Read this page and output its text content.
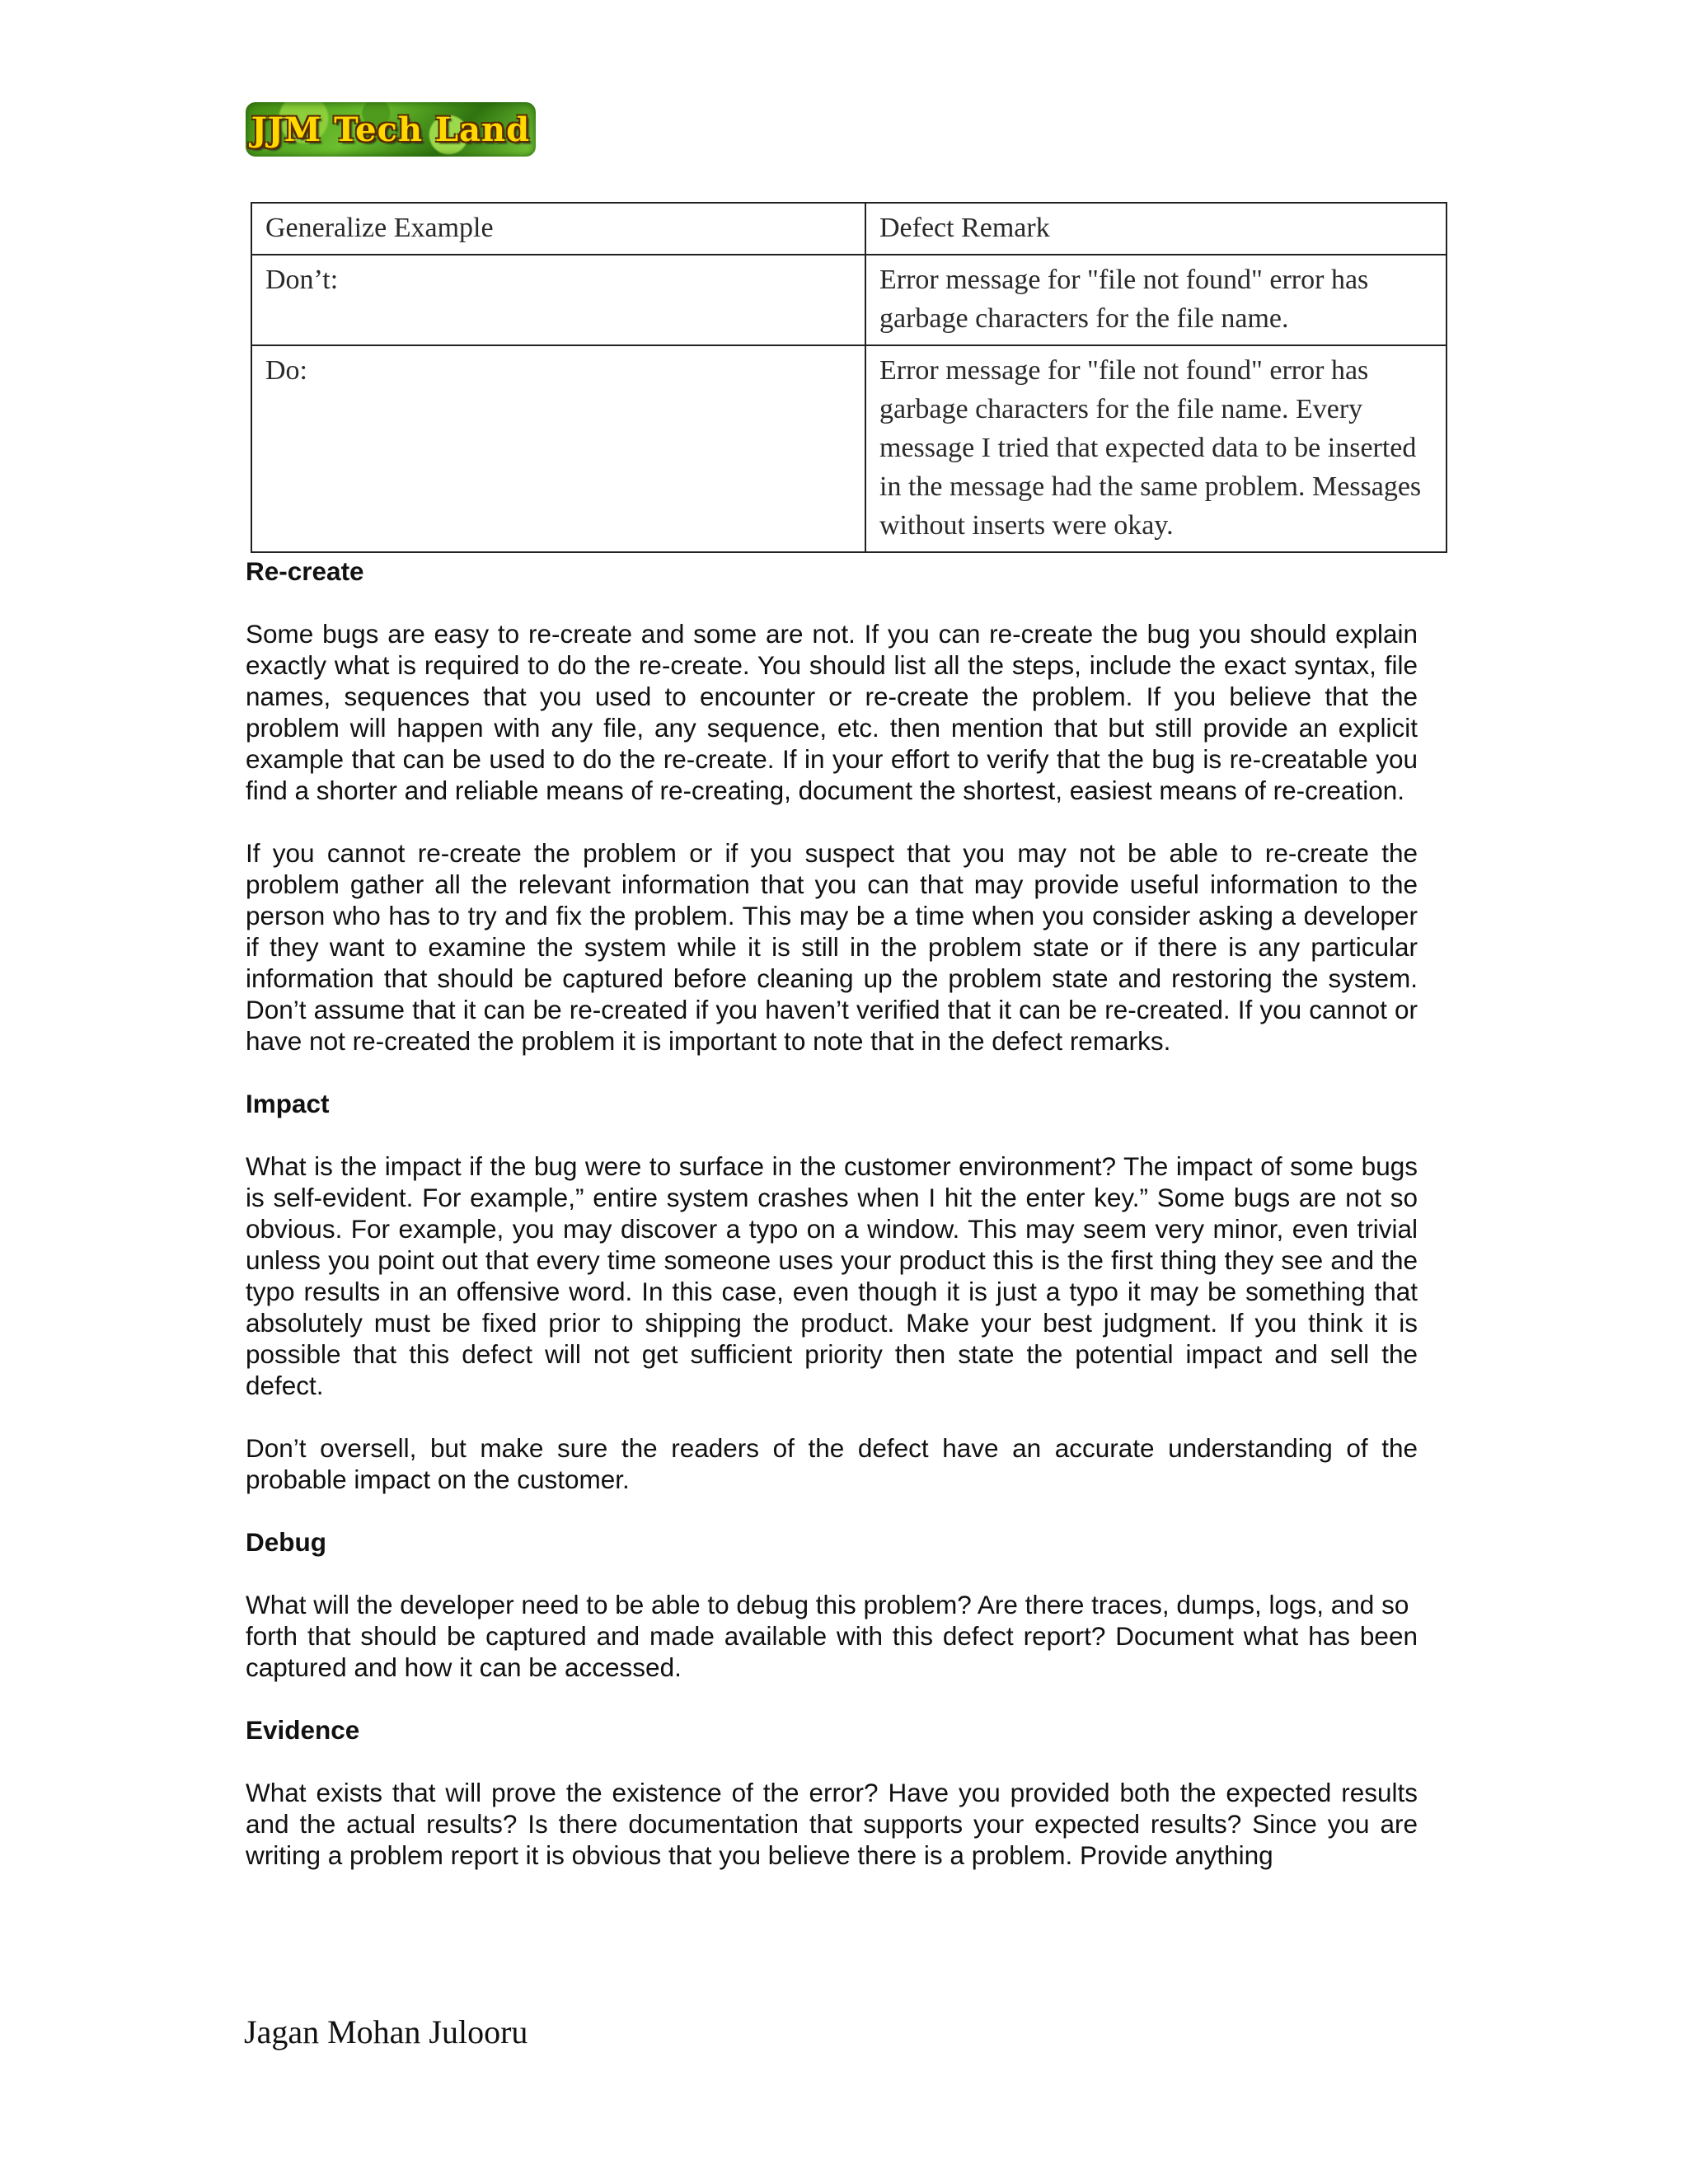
JJM Tech Land
Generalize Example	Defect Remark
Don’t:	Error message for "file not found" error has garbage characters for the file name.
Do:	Error message for "file not found" error has garbage characters for the file name. Every message I tried that expected data to be inserted in the message had the same problem. Messages without inserts were okay.
Re-create

Some bugs are easy to re-create and some are not. If you can re-create the bug you should explain exactly what is required to do the re-create. You should list all the steps, include the exact syntax, file names, sequences that you used to encounter or re-create the problem. If you believe that the problem will happen with any file, any sequence, etc. then mention that but still provide an explicit example that can be used to do the re-create. If in your effort to verify that the bug is re-creatable you find a shorter and reliable means of re-creating, document the shortest, easiest means of re-creation.

If you cannot re-create the problem or if you suspect that you may not be able to re-create the problem gather all the relevant information that you can that may provide useful information to the person who has to try and fix the problem. This may be a time when you consider asking a developer if they want to examine the system while it is still in the problem state or if there is any particular information that should be captured before cleaning up the problem state and restoring the system. Don’t assume that it can be re-created if you haven’t verified that it can be re-created. If you cannot or have not re-created the problem it is important to note that in the defect remarks.

Impact

What is the impact if the bug were to surface in the customer environment? The impact of some bugs is self-evident. For example,” entire system crashes when I hit the enter key.” Some bugs are not so obvious. For example, you may discover a typo on a window. This may seem very minor, even trivial unless you point out that every time someone uses your product this is the first thing they see and the typo results in an offensive word. In this case, even though it is just a typo it may be something that absolutely must be fixed prior to shipping the product. Make your best judgment. If you think it is possible that this defect will not get sufficient priority then state the potential impact and sell the defect.

Don’t oversell, but make sure the readers of the defect have an accurate understanding of the probable impact on the customer.

Debug

What will the developer need to be able to debug this problem? Are there traces, dumps, logs, and so
forth that should be captured and made available with this defect report? Document what has been captured and how it can be accessed.

Evidence

What exists that will prove the existence of the error? Have you provided both the expected results and the actual results? Is there documentation that supports your expected results? Since you are writing a problem report it is obvious that you believe there is a problem. Provide anything

Jagan Mohan Julooru
